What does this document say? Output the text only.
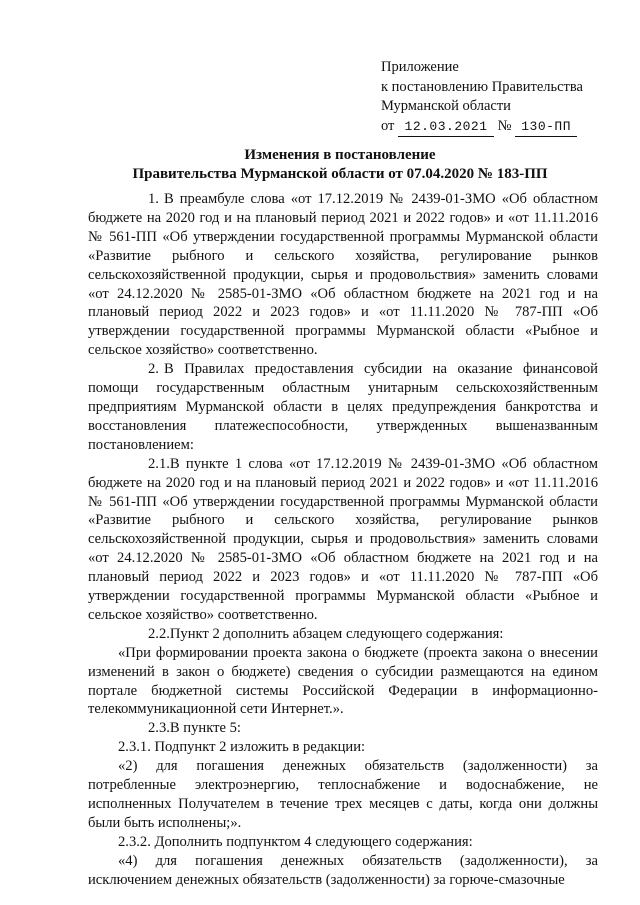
Приложение
к постановлению Правительства
Мурманской области
от 12.03.2021 № 130-ПП
Изменения в постановление
Правительства Мурманской области от 07.04.2020 № 183-ПП

1. В преамбуле слова «от 17.12.2019 № 2439-01-ЗМО «Об областном бюджете на 2020 год и на плановый период 2021 и 2022 годов» и «от 11.11.2016 № 561-ПП «Об утверждении государственной программы Мурманской области «Развитие рыбного и сельского хозяйства, регулирование рынков сельскохозяйственной продукции, сырья и продовольствия» заменить словами «от 24.12.2020 № 2585-01-ЗМО «Об областном бюджете на 2021 год и на плановый период 2022 и 2023 годов» и «от 11.11.2020 № 787-ПП «Об утверждении государственной программы Мурманской области «Рыбное и сельское хозяйство» соответственно.

2. В Правилах предоставления субсидии на оказание финансовой помощи государственным областным унитарным сельскохозяйственным предприятиям Мурманской области в целях предупреждения банкротства и восстановления платежеспособности, утвержденных вышеназванным постановлением:

2.1.В пункте 1 слова «от 17.12.2019 № 2439-01-ЗМО «Об областном бюджете на 2020 год и на плановый период 2021 и 2022 годов» и «от 11.11.2016 № 561-ПП «Об утверждении государственной программы Мурманской области «Развитие рыбного и сельского хозяйства, регулирование рынков сельскохозяйственной продукции, сырья и продовольствия» заменить словами «от 24.12.2020 № 2585-01-ЗМО «Об областном бюджете на 2021 год и на плановый период 2022 и 2023 годов» и «от 11.11.2020 № 787-ПП «Об утверждении государственной программы Мурманской области «Рыбное и сельское хозяйство» соответственно.

2.2.Пункт 2 дополнить абзацем следующего содержания:

«При формировании проекта закона о бюджете (проекта закона о внесении изменений в закон о бюджете) сведения о субсидии размещаются на едином портале бюджетной системы Российской Федерации в информационно-телекоммуникационной сети Интернет.».

2.3.В пункте 5:

2.3.1. Подпункт 2 изложить в редакции:

«2) для погашения денежных обязательств (задолженности) за потребленные электроэнергию, теплоснабжение и водоснабжение, не исполненных Получателем в течение трех месяцев с даты, когда они должны были быть исполнены;».

2.3.2. Дополнить подпунктом 4 следующего содержания:

«4) для погашения денежных обязательств (задолженности), за исключением денежных обязательств (задолженности) за горюче-смазочные
